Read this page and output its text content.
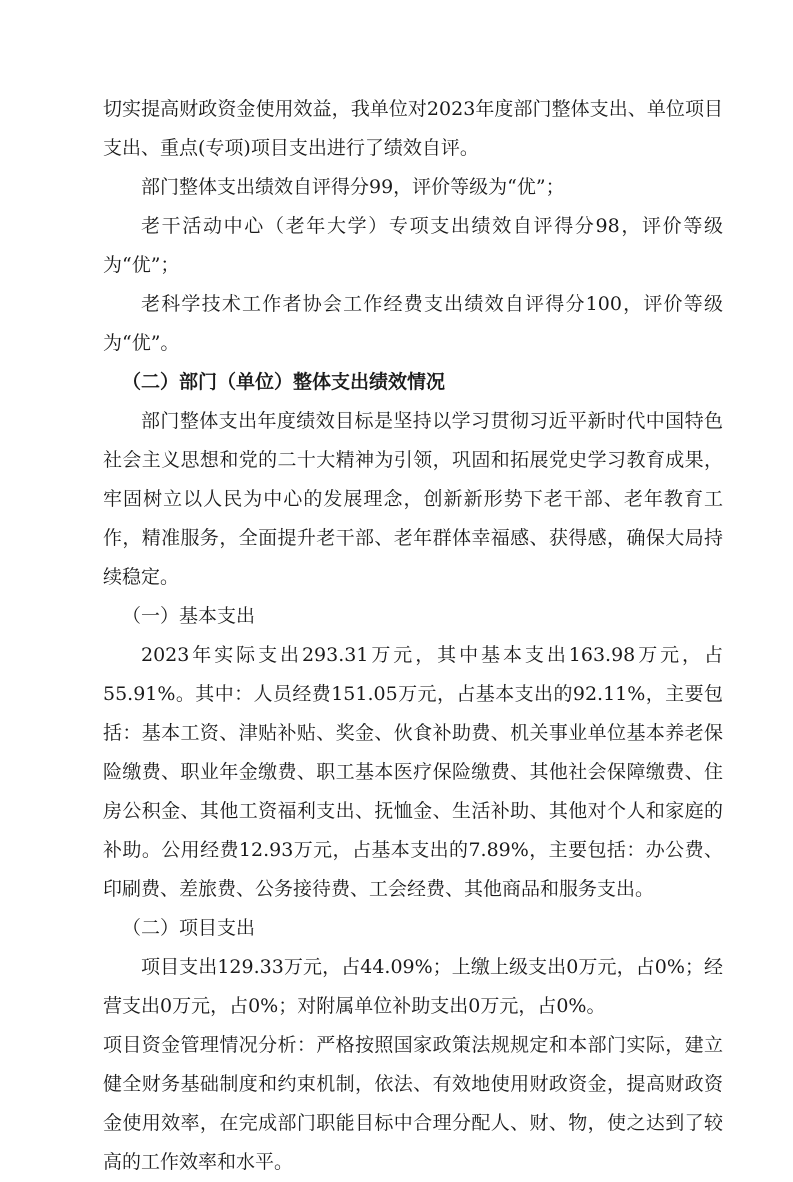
切实提高财政资金使用效益，我单位对2023年度部门整体支出、单位项目支出、重点(专项)项目支出进行了绩效自评。

部门整体支出绩效自评得分99，评价等级为“优”；

老干活动中心（老年大学）专项支出绩效自评得分98，评价等级为“优”；

老科学技术工作者协会工作经费支出绩效自评得分100，评价等级为“优”。

（二）部门（单位）整体支出绩效情况

部门整体支出年度绩效目标是坚持以学习贯彻习近平新时代中国特色社会主义思想和党的二十大精神为引领，巩固和拓展党史学习教育成果，牢固树立以人民为中心的发展理念，创新新形势下老干部、老年教育工作，精准服务，全面提升老干部、老年群体幸福感、获得感，确保大局持续稳定。

（一）基本支出

2023年实际支出293.31万元，其中基本支出163.98万元，占55.91%。其中：人员经费151.05万元，占基本支出的92.11%，主要包括：基本工资、津贴补贴、奖金、伙食补助费、机关事业单位基本养老保险缴费、职业年金缴费、职工基本医疗保险缴费、其他社会保障缴费、住房公积金、其他工资福利支出、抚恤金、生活补助、其他对个人和家庭的补助。公用经费12.93万元，占基本支出的7.89%，主要包括：办公费、印刷费、差旅费、公务接待费、工会经费、其他商品和服务支出。

（二）项目支出

项目支出129.33万元，占44.09%；上缴上级支出0万元，占0%；经营支出0万元，占0%；对附属单位补助支出0万元，占0%。

项目资金管理情况分析：严格按照国家政策法规规定和本部门实际，建立健全财务基础制度和约束机制，依法、有效地使用财政资金，提高财政资金使用效率，在完成部门职能目标中合理分配人、财、物，使之达到了较高的工作效率和水平。
